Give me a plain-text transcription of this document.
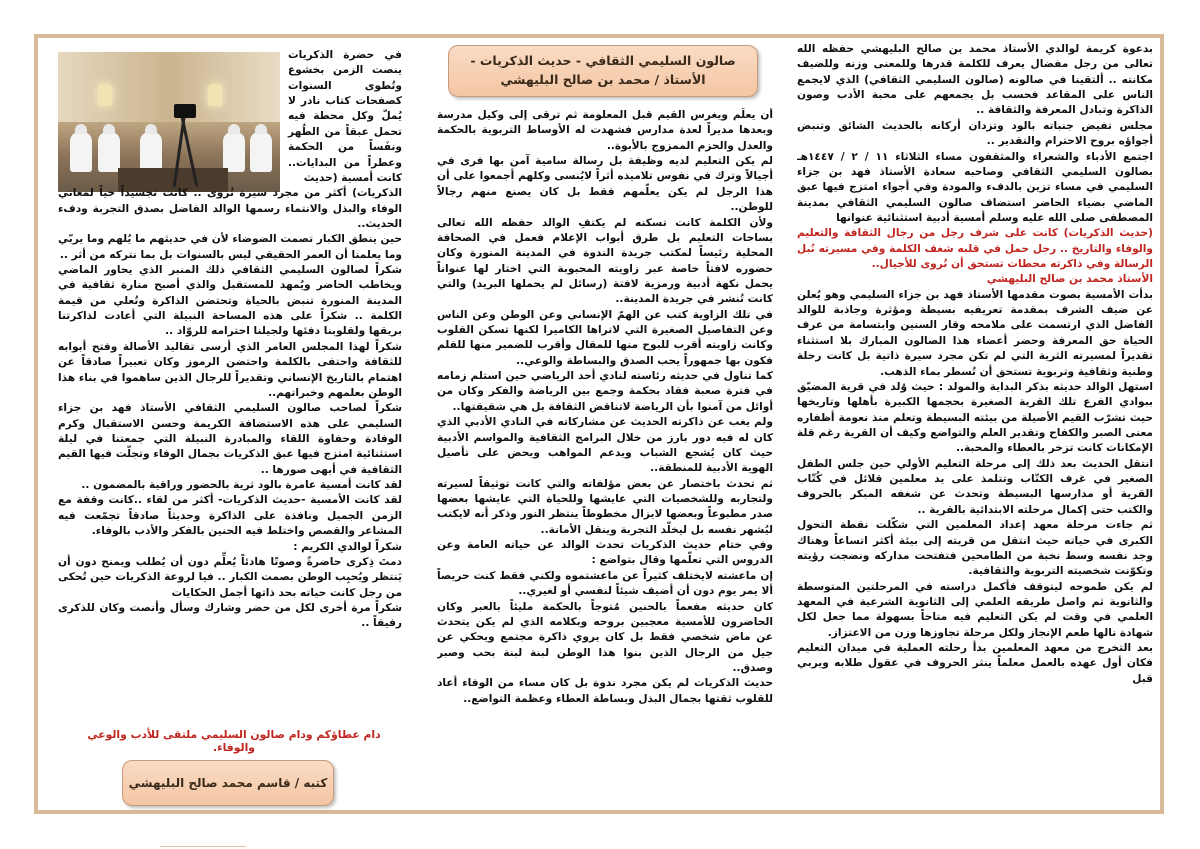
صالون السليمي الثقافي - حديث الذكريات -
الأستاذ / محمد بن صالح البليهشي

بدعوة كريمة لوالدي الأستاذ محمد بن صالح البليهشي حفظه الله تعالى من رجل مفضال يعرف للكلمة قدرها وللمعنى وزنه وللضيف مكانته .. ألتقينا في صالونه (صالون السليمي الثقافي) الذي لايجمع الناس على المقاعد فحسب بل يجمعهم على محبة الأدب وصون الذاكرة وتبادل المعرفة والثقافة ..

مجلس تفيض جنباته بالود وتزدان أركانه بالحديث الشائق وتنبض أجواؤه بروح الاحترام والتقدير ..

اجتمع الأدباء والشعراء والمثقفون مساء الثلاثاء ١١ / ٢ / ١٤٤٧هـ بصالون السليمي الثقافي وصاحبه سعادة الأستاذ فهد بن جزاء السليمي في مساء تزين بالدفء والمودة وفي أجواء امتزج فيها عبق الماضي بضياء الحاضر استضاف صالون السليمي الثقافي بمدينة المصطفى صلى الله عليه وسلم أمسية أدبية استثنائية عنوانها

(حديث الذكريات) كانت على شرف رجل من رجال الثقافة والتعليم والوفاء والتاريخ .. رجل حمل في قلبه شغف الكلمة وفي مسيرته نُبل الرسالة وفي ذاكرته محطات تستحق أن تُروى للأجيال..

الأستاذ محمد بن صالح البليهشي

بدأت الأمسية بصوت مقدمها الأستاذ فهد بن جزاء السليمي وهو يُعلن عن ضيف الشرف بمقدمة تعريفيه بسيطة ومؤثرة وجاذبة للوالد الفاضل الذي ارتسمت على ملامحه وقار السنين وابتسامة من عرف الحياة حق المعرفة وحضر أعضاء هذا الصالون المبارك بلا استثناء تقديراً لمسيرته الثرية التي لم تكن مجرد سيرة ذاتية بل كانت رحلة وطنية وثقافية وتربوية تستحق أن تُسطر بماء الذهب.

استهل الوالد حديثه بذكر البداية والمولد : حيث وُلد في قرية المضيّق ببوادي الفرع تلك القرية الصغيرة بحجمها الكبيرة بأهلها وتاريخها حيث تشرّب القيم الأصيلة من بيئته البسيطة وتعلم منذ نعومة أظفاره معنى الصبر والكفاح وتقدير العلم والتواضع وكيف أن القرية رغم قلة الإمكانات كانت تزخر بالعطاء والمحبة..

انتقل الحديث بعد ذلك إلى مرحلة التعليم الأولي حين جلس الطفل الصغير في غرف الكتّاب وتتلمذ على يد معلمين قلائل في كُتّاب القرية أو مدارسها البسيطة وتحدث عن شغفه المبكر بالحروف والكتب حتى إكمال مرحلته الابتدائية بالقرية ..

ثم جاءت مرحلة معهد إعداد المعلمين التي شكّلت نقطة التحول الكبرى في حياته حيث انتقل من قريته إلى بيئة أكثر اتساعاً وهناك وجد نفسه وسط نخبة من الطامحين فتفتحت مداركه ونضجت رؤيته وتكوّنت شخصيته التربوية والثقافية.

لم يكن طموحه ليتوقف فأكمل دراسته في المرحلتين المتوسطة والثانوية ثم واصل طريقه العلمي إلى الثانوية الشرعية في المعهد العلمي في وقت لم يكن التعليم فيه متاحاً بسهولة مما جعل لكل شهادة نالها طعم الإنجاز ولكل مرحلة تجاوزها وزن من الاعتزاز.

بعد التخرج من معهد المعلمين بدأ رحلته العملية في ميدان التعليم فكان أول عهده بالعمل معلماً ينثر الحروف في عقول طلابه ويربي قبل

أن يعلّم ويغرس القيم قبل المعلومة ثم ترقى إلى وكيل مدرسة وبعدها مديراً لعدة مدارس فشهدت له الأوساط التربوية بالحكمة والعدل والحزم الممزوج بالأبوة..

لم يكن التعليم لديه وظيفة بل رسالة سامية آمن بها فرى في أجيالاً وترك في نفوس تلاميذه أثراً لايُنسى وكلهم أجمعوا على أن هذا الرجل لم يكن يعلّمهم فقط بل كان يصنع منهم رجالاً للوطن..

ولأن الكلمة كانت تسكنه لم يكتفِ الوالد حفظه الله تعالى بساحات التعليم بل طرق أبواب الإعلام فعمل في الصحافة المحلية رئيساً لمكتب جريدة الندوة في المدينة المنورة وكان حضوره لافتاً خاصة عبر زاويته المحبوبة التي اختار لها عنواناً يحمل نكهة أدبية ورمزية لافتة (رسائل لم يحملها البريد) والتي كانت تُنشر في جريدة المدينة..

في تلك الزاوية كتب عن الهمّ الإنساني وعن الوطن وعن الناس وعن التفاصيل الصغيرة التي لاتراها الكاميرا لكنها تسكن القلوب وكانت زاويته أقرب للبوح منها للمقال وأقرب للضمير منها للقلم فكون بها جمهوراً يحب الصدق والبساطة والوعي..

كما تناول في حديثه رئاسته لنادي أحد الرياضي حين استلم زمامه في فترة صعبة فقاد بحكمة وجمع بين الرياضة والفكر وكان من أوائل من آمنوا بأن الرياضة لاتناقض الثقافة بل هي شقيقتها..

ولم يغب عن ذاكرته الحديث عن مشاركاته في النادي الأدبي الذي كان له فيه دور بارز من خلال البرامج الثقافية والمواسم الأدبية حيث كان يُشجع الشباب ويدعم المواهب ويحض على تأصيل الهوية الأدبية للمنطقة..

ثم تحدث باختصار عن بعض مؤلفاته والتي كانت توثيقاً لسيرته ولتجاربه وللشخصيات التي عايشها وللحياة التي عايشها بعضها صدر مطبوعاً وبعضها لايزال مخطوطاً ينتظر النور وذكر أنه لايكتب ليُشهر نفسه بل ليخلّد التجربة وينقل الأمانة..

وفي ختام حديث الذكريات تحدث الوالد عن حياته العامة وعن الدروس التي تعلّمها وقال بتواضع :

إن ماعشته لايختلف كثيراً عن ماعشتموه ولكني فقط كنت حريصاً ألا يمر يوم دون أن أضيف شيئاً لنفسي أو لغيري..

كان حديثه مفعماً بالحنين مُتوجاً بالحكمة مليئاً بالعبر وكان الحاضرون للأمسية معجبين بروحه وبكلامه الذي لم يكن يتحدث عن ماض شخصي فقط بل كان يروي ذاكرة مجتمع ويحكي عن جيل من الرجال الذين بنوا هذا الوطن لبنة لبنة بحب وصبر وصدق..

حديث الذكريات لم يكن مجرد ندوة بل كان مساء من الوفاء أعاد للقلوب ثقتها بجمال البذل وبساطة العطاء وعظمة التواضع..

في حضرة الذكريات ينصت الزمن بخشوع وتُطوى السنوات كصفحات كتاب نادر لا يُملّ وكل محطة فيه تحمل عبقاً من الطُهر ونفَساً من الحكمة وعطراً من البدايات.. كانت أمسية (حديث

الذكريات) أكثر من مجرد سيرة تُروى .. كانت تجسيداً حياً لمعاني الوفاء والبذل والانتماء رسمها الوالد الفاضل بصدق التجربة ودفء الحديث..

حين ينطق الكبار تصمت الضوضاء لأن في حديثهم ما يُلهم وما يربّي وما يعلمنا أن العمر الحقيقي ليس بالسنوات بل بما نتركه من أثر ..

شكراً لصالون السليمي الثقافي ذلك المنبر الذي يحاور الماضي ويخاطب الحاضر ويُمهد للمستقبل والذي أصبح منارة ثقافية في المدينة المنورة تنبض بالحياة وتحتضن الذاكرة وتُعلي من قيمة الكلمة .. شكراً على هذه المساحة النبيلة التي أعادت لذاكرتنا بريقها ولقلوبنا دفئها ولجيلنا احترامه للروّاد ..

شكراً لهذا المجلس العامر الذي أرسى تقاليد الأصالة وفتح أبوابه للثقافة واحتفى بالكلمة واحتضن الرموز وكان تعبيراً صادقاً عن اهتمام بالتاريخ الإنساني وتقديراً للرجال الذين ساهموا في بناء هذا الوطن بعلمهم وخبراتهم..

شكراً لصاحب صالون السليمي الثقافي الأستاذ فهد بن جزاء السليمي على هذه الاستضافة الكريمة وحسن الاستقبال وكرم الوفادة وحفاوة اللقاء والمبادرة النبيلة التي جمعتنا في ليلة استثنائية امتزج فيها عبق الذكريات بجمال الوفاء وتجلّت فيها القيم الثقافية في أبهى صورها ..

لقد كانت أمسية عامرة بالود ثرية بالحضور وراقية بالمضمون ..

لقد كانت الأمسية -حديث الذكريات- أكثر من لقاء ..كانت وقفة مع الزمن الجميل ونافذة على الذاكرة وحديثاً صادقاً تجمّعت فيه المشاعر والقصص واختلط فيه الحنين بالفكر والأدب بالوفاء.

شكراً لوالدي الكريم :

دمتَ ذِكرى حاضرةً وصوتًا هادئاً يُعلِّم دون أن يُطلب ويمنح دون أن يَنتظر ويُحبِب الوطن بصمت الكبار .. فيا لروعة الذكريات حين تُحكى من رجل كانت حياته بحد ذاتها أجمل الحكايات

شكراً مرة أخرى لكل من حضر وشارك وسأل وأنصت وكان للذكرى رفيقاً ..

دام عطاؤكم ودام صالون السليمي ملتقى للأدب والوعي والوفاء.
كتبه / قاسم محمد صالح البليهشي
